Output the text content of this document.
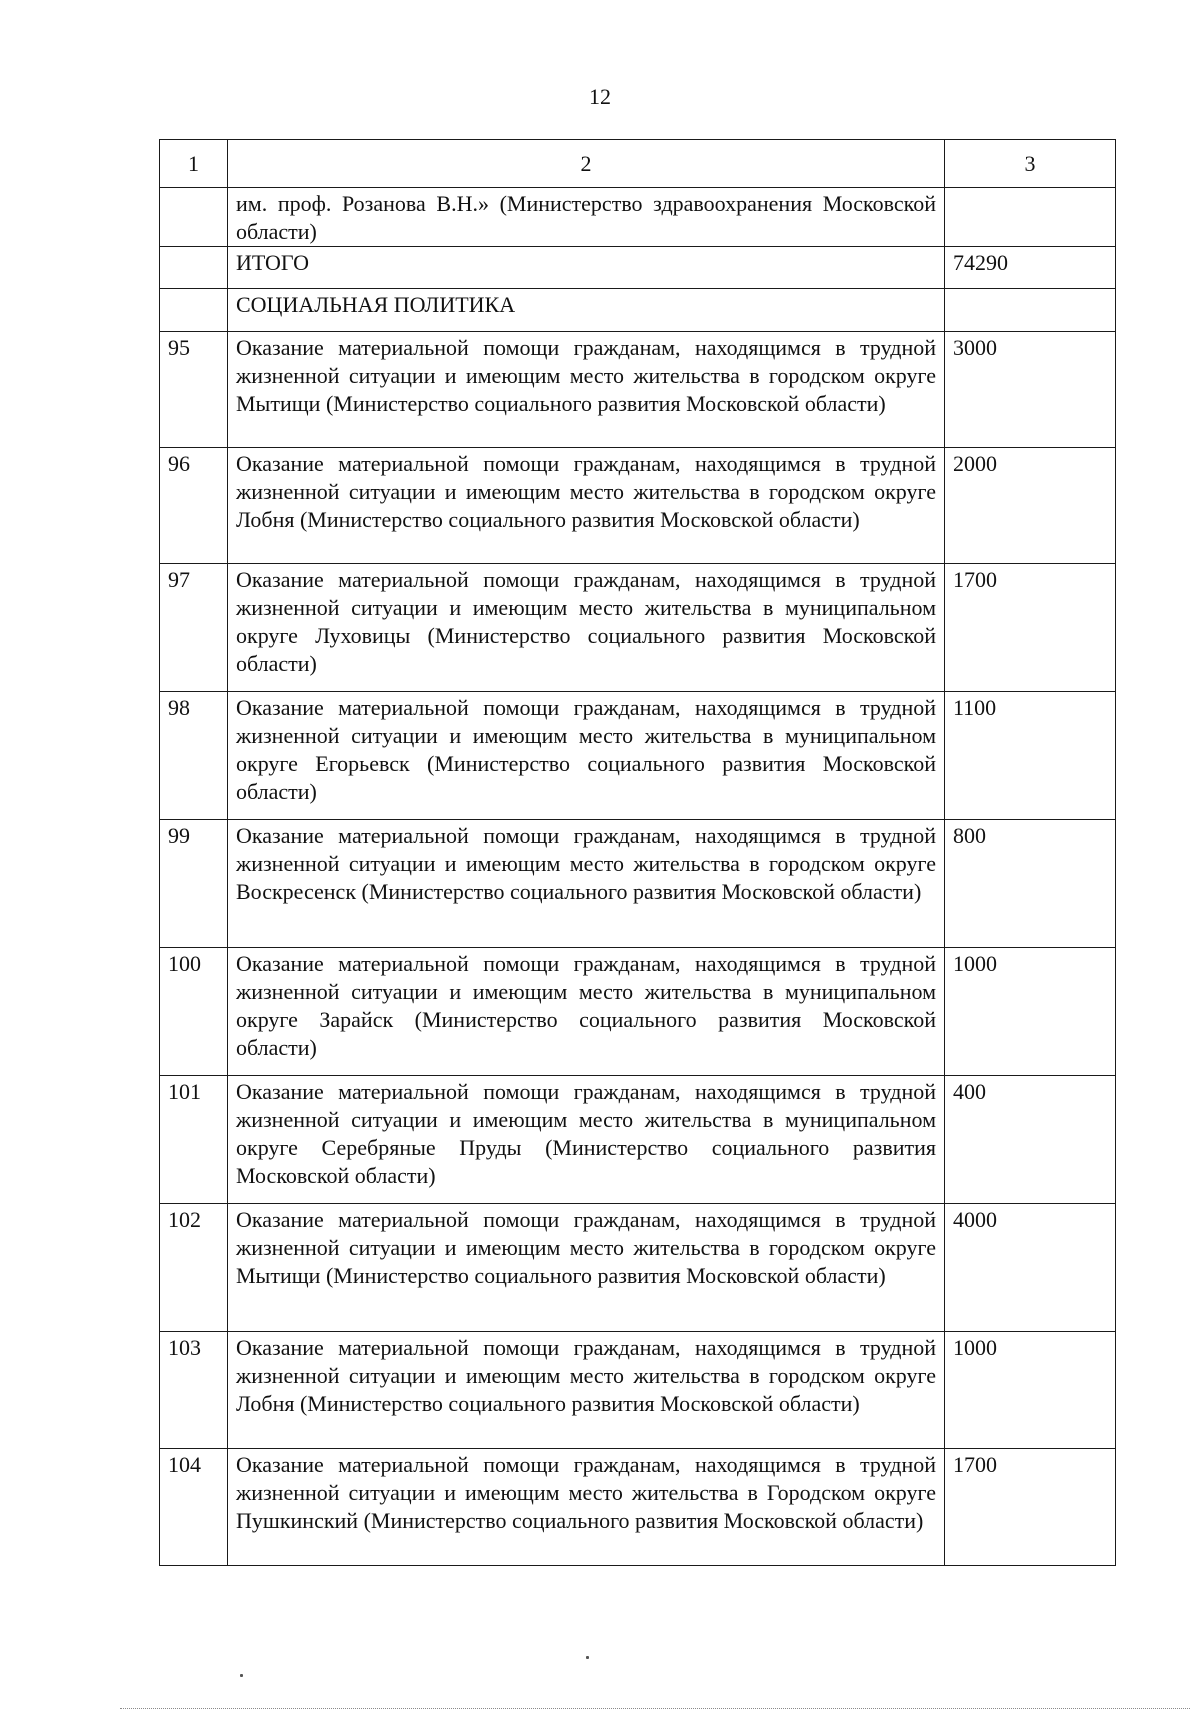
12
1	2	3
	им. проф. Розанова В.Н.» (Министерство здравоохранения Московской области)	
	ИТОГО	74290
	СОЦИАЛЬНАЯ ПОЛИТИКА	
95	Оказание материальной помощи гражданам, находящимся в трудной жизненной ситуации и имеющим место жительства в городском округе Мытищи (Министерство социального развития Московской области)	3000
96	Оказание материальной помощи гражданам, находящимся в трудной жизненной ситуации и имеющим место жительства в городском округе Лобня (Министерство социального развития Московской области)	2000
97	Оказание материальной помощи гражданам, находящимся в трудной жизненной ситуации и имеющим место жительства в муниципальном округе Луховицы (Министерство социального развития Московской области)	1700
98	Оказание материальной помощи гражданам, находящимся в трудной жизненной ситуации и имеющим место жительства в муниципальном округе Егорьевск (Министерство социального развития Московской области)	1100
99	Оказание материальной помощи гражданам, находящимся в трудной жизненной ситуации и имеющим место жительства в городском округе Воскресенск (Министерство социального развития Московской области)	800
100	Оказание материальной помощи гражданам, находящимся в трудной жизненной ситуации и имеющим место жительства в муниципальном округе Зарайск (Министерство социального развития Московской области)	1000
101	Оказание материальной помощи гражданам, находящимся в трудной жизненной ситуации и имеющим место жительства в муниципальном округе Серебряные Пруды (Министерство социального развития Московской области)	400
102	Оказание материальной помощи гражданам, находящимся в трудной жизненной ситуации и имеющим место жительства в городском округе Мытищи (Министерство социального развития Московской области)	4000
103	Оказание материальной помощи гражданам, находящимся в трудной жизненной ситуации и имеющим место жительства в городском округе Лобня (Министерство социального развития Московской области)	1000
104	Оказание материальной помощи гражданам, находящимся в трудной жизненной ситуации и имеющим место жительства в Городском округе Пушкинский (Министерство социального развития Московской области)	1700
